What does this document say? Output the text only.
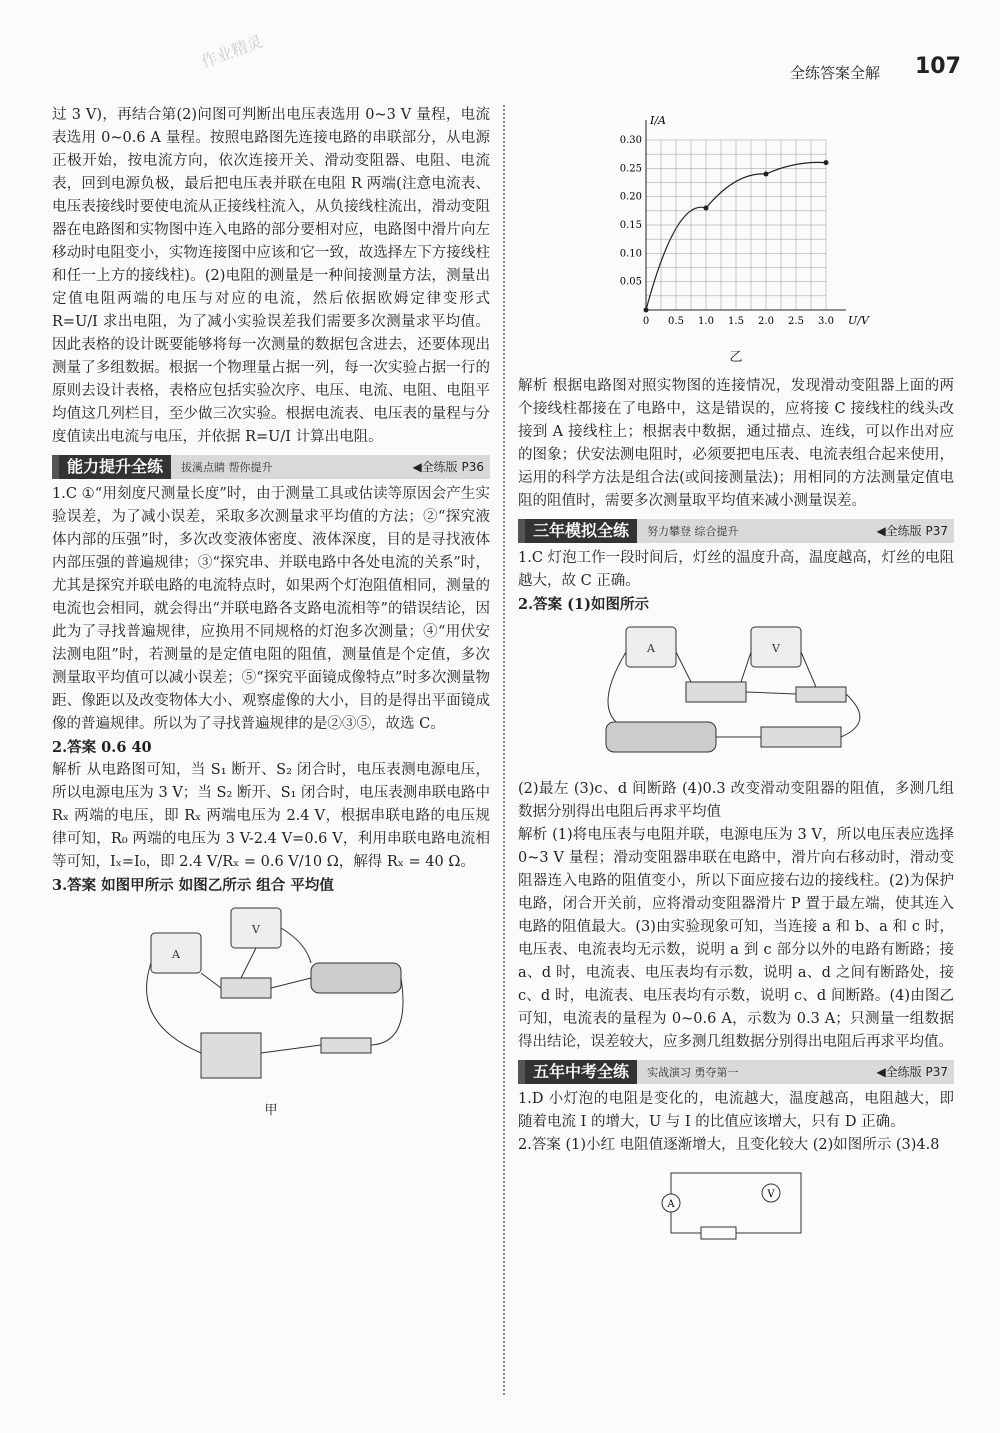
作业精灵
全练答案全解 107

过 3 V)，再结合第(2)问图可判断出电压表选用 0~3 V 量程，电流表选用 0~0.6 A 量程。按照电路图先连接电路的串联部分，从电源正极开始，按电流方向，依次连接开关、滑动变阻器、电阻、电流表，回到电源负极，最后把电压表并联在电阻 R 两端(注意电流表、电压表接线时要使电流从正接线柱流入，从负接线柱流出，滑动变阻器在电路图和实物图中连入电路的部分要相对应，电路图中滑片向左移动时电阻变小，实物连接图中应该和它一致，故选择左下方接线柱和任一上方的接线柱)。(2)电阻的测量是一种间接测量方法，测量出定值电阻两端的电压与对应的电流，然后依据欧姆定律变形式 R=U/I 求出电阻，为了减小实验误差我们需要多次测量求平均值。因此表格的设计既要能够将每一次测量的数据包含进去，还要体现出测量了多组数据。根据一个物理量占据一列，每一次实验占据一行的原则去设计表格，表格应包括实验次序、电压、电流、电阻、电阻平均值这几列栏目，至少做三次实验。根据电流表、电压表的量程与分度值读出电流与电压，并依据 R=U/I 计算出电阻。

能力提升全练	拔溪点睛 帮你提升	◀全练版 P36

1.C ①“用刻度尺测量长度”时，由于测量工具或估读等原因会产生实验误差，为了减小误差，采取多次测量求平均值的方法；②“探究液体内部的压强”时，多次改变液体密度、液体深度，目的是寻找液体内部压强的普遍规律；③“探究串、并联电路中各处电流的关系”时，尤其是探究并联电路的电流特点时，如果两个灯泡阻值相同，测量的电流也会相同，就会得出“并联电路各支路电流相等”的错误结论，因此为了寻找普遍规律，应换用不同规格的灯泡多次测量；④“用伏安法测电阻”时，若测量的是定值电阻的阻值，测量值是个定值，多次测量取平均值可以减小误差；⑤“探究平面镜成像特点”时多次测量物距、像距以及改变物体大小、观察虚像的大小，目的是得出平面镜成像的普遍规律。所以为了寻找普遍规律的是②③⑤，故选 C。

2.答案 0.6 40

解析 从电路图可知，当 S₁ 断开、S₂ 闭合时，电压表测电源电压，所以电源电压为 3 V；当 S₂ 断开、S₁ 闭合时，电压表测串联电路中 Rₓ 两端的电压，即 Rₓ 两端电压为 2.4 V，根据串联电路的电压规律可知，R₀ 两端的电压为 3 V-2.4 V=0.6 V，利用串联电路电流相等可知，Iₓ=I₀，即 2.4 V/Rₓ = 0.6 V/10 Ω，解得 Rₓ = 40 Ω。

3.答案 如图甲所示 如图乙所示 组合 平均值

A
V
甲
U/V
I/A
0 0.5 1.0 1.5 2.0 2.5 3.0
0.05
0.10
0.15
0.20
0.25
0.30
乙

解析 根据电路图对照实物图的连接情况，发现滑动变阻器上面的两个接线柱都接在了电路中，这是错误的，应将接 C 接线柱的线头改接到 A 接线柱上；根据表中数据，通过描点、连线，可以作出对应的图象；伏安法测电阻时，必须要把电压表、电流表组合起来使用，运用的科学方法是组合法(或间接测量法)；用相同的方法测量定值电阻的阻值时，需要多次测量取平均值来减小测量误差。

三年模拟全练	努力攀登 综合提升	◀全练版 P37

1.C 灯泡工作一段时间后，灯丝的温度升高，温度越高，灯丝的电阻越大，故 C 正确。

2.答案 (1)如图所示

A	V

(2)最左 (3)c、d 间断路 (4)0.3 改变滑动变阻器的阻值，多测几组数据分别得出电阻后再求平均值

解析 (1)将电压表与电阻并联，电源电压为 3 V，所以电压表应选择 0~3 V 量程；滑动变阻器串联在电路中，滑片向右移动时，滑动变阻器连入电路的阻值变小，所以下面应接右边的接线柱。(2)为保护电路，闭合开关前，应将滑动变阻器滑片 P 置于最左端，使其连入电路的阻值最大。(3)由实验现象可知，当连接 a 和 b、a 和 c 时，电压表、电流表均无示数，说明 a 到 c 部分以外的电路有断路；接 a、d 时，电流表、电压表均有示数，说明 a、d 之间有断路处，接 c、d 时，电流表、电压表均有示数，说明 c、d 间断路。(4)由图乙可知，电流表的量程为 0~0.6 A，示数为 0.3 A；只测量一组数据得出结论，误差较大，应多测几组数据分别得出电阻后再求平均值。

五年中考全练	实战演习 勇夺第一	◀全练版 P37

1.D 小灯泡的电阻是变化的，电流越大，温度越高，电阻越大，即随着电流 I 的增大，U 与 I 的比值应该增大，只有 D 正确。

2.答案 (1)小红 电阻值逐渐增大，且变化较大 (2)如图所示 (3)4.8

A
V
